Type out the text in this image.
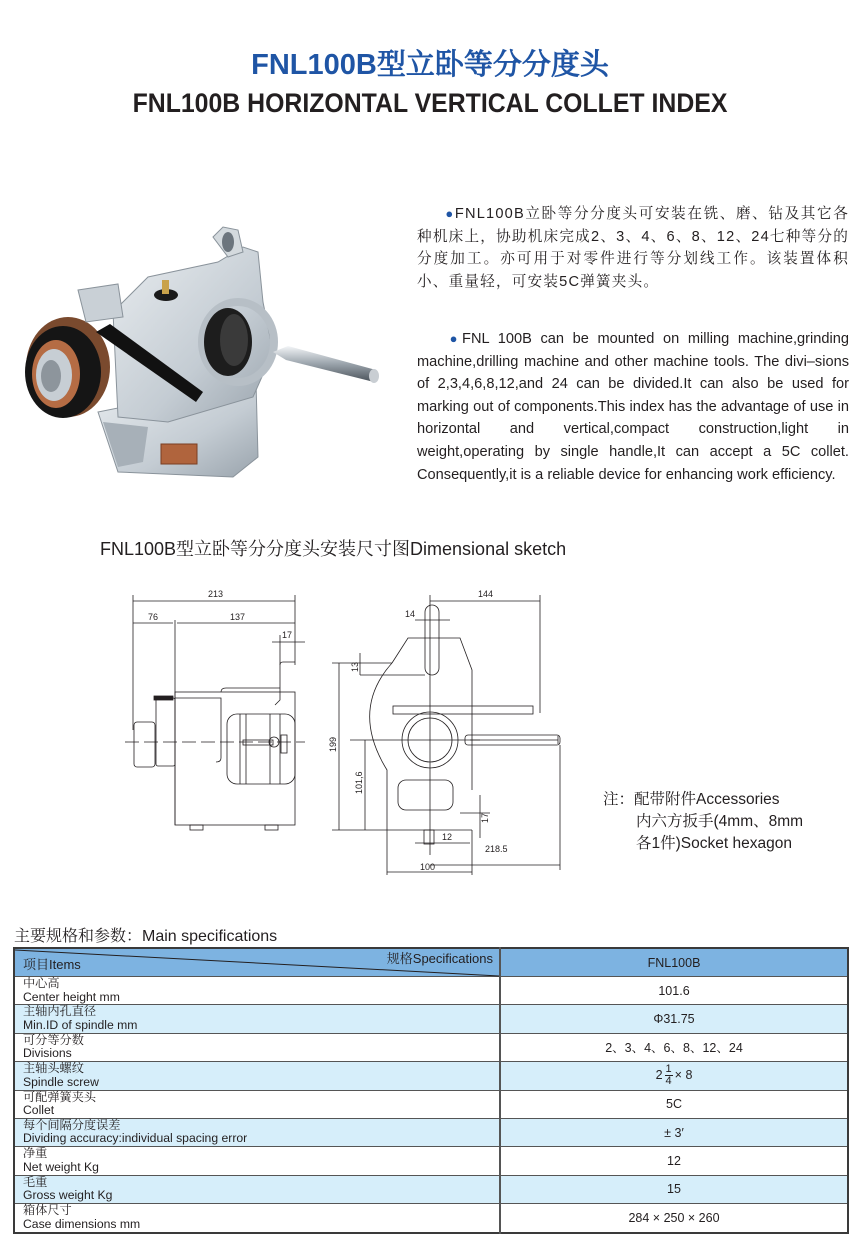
FNL100B型立卧等分分度头
FNL100B HORIZONTAL VERTICAL COLLET INDEX
●FNL100B立卧等分分度头可安装在铣、磨、钻及其它各种机床上，协助机床完成2、3、4、6、8、12、24七种等分的分度加工。亦可用于对零件进行等分划线工作。该装置体积小、重量轻，可安装5C弹簧夹头。
●FNL 100B can be mounted on milling machine,grinding machine,drilling machine and other machine tools. The divi–sions of 2,3,4,6,8,12,and 24 can be divided.It can also be used for marking out of components.This index has the advantage of use in horizontal and vertical,compact construction,light in weight,operating by single handle,It can accept a 5C collet. Consequently,it is a reliable device for enhancing work efficiency.
FNL100B型立卧等分分度头安装尺寸图Dimensional sketch
213
76	137
17
144
14
13
199
101,6
17
12
218.5
100
注：配带附件Accessories
内六方扳手(4mm、8mm
各1件)Socket hexagon
主要规格和参数：Main specifications
项目Items 规格Specifications	FNL100B

中心高
Center height mm	101.6

主轴内孔直径
Min.ID of spindle mm	Φ31.75

可分等分数
Divisions	2、3、4、6、8、12、24

主轴头螺纹
Spindle screw	$2 \frac{1}{4} \times 8$

可配弹簧夹头
Collet	5C

每个间隔分度误差
Dividing accuracy:individual spacing error	± 3′

净重
Net weight Kg	12

毛重
Gross weight Kg	15

箱体尺寸
Case dimensions mm	284 × 250 × 260
